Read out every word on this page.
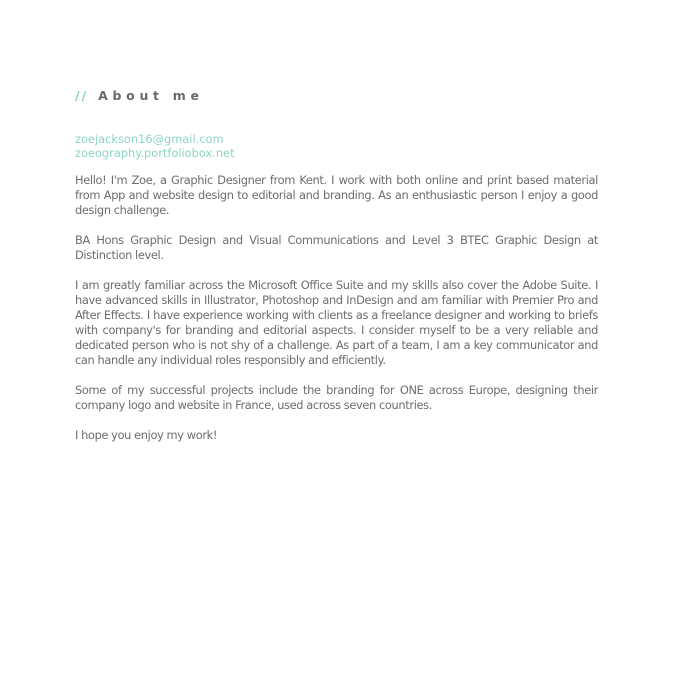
// About me
zoejackson16@gmail.com
zoeography.portfoliobox.net

Hello! I'm Zoe, a Graphic Designer from Kent. I work with both online and print based material from App and website design to editorial and branding. As an enthusiastic person I enjoy a good design challenge.

BA Hons Graphic Design and Visual Communications and Level 3 BTEC Graphic Design at Distinction level.

I am greatly familiar across the Microsoft Office Suite and my skills also cover the Adobe Suite. I have advanced skills in Illustrator, Photoshop and InDesign and am familiar with Premier Pro and After Effects. I have experience working with clients as a freelance designer and working to briefs with company's for branding and editorial aspects. I consider myself to be a very reliable and dedicated person who is not shy of a challenge. As part of a team, I am a key communicator and can handle any individual roles responsibly and efficiently.

Some of my successful projects include the branding for ONE across Europe, designing their company logo and website in France, used across seven countries.

I hope you enjoy my work!
